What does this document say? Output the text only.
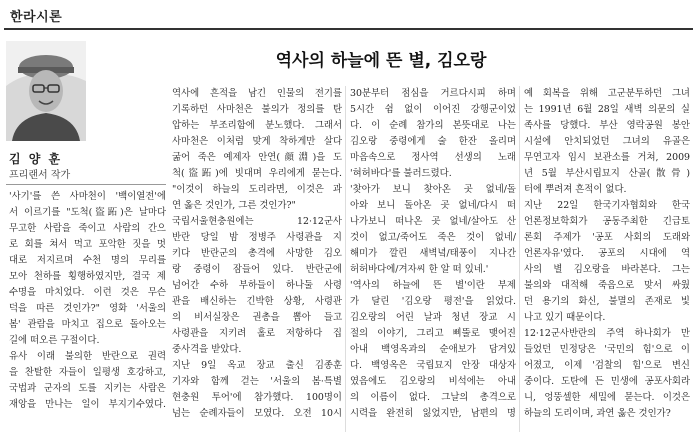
한라시론
김 양 훈
프리랜서 작가
역사의 하늘에 뜬 별, 김오랑
'사기'를 쓴 사마천이 '백이열전'에
서 이르기를 "도척(盜跖)은 날마다
무고한 사람을 죽이고 사람의 간으
로 회를 쳐서 먹고 포악한 짓을 멋
대로 저지르며 수천 명의 무리를
모아 천하를 횡행하였지만, 결국 제
수명을 마치었다. 이런 것은 무슨
덕을 따른 것인가?" 영화 '서울의
봄' 관람을 마치고 집으로 돌아오는
길에 떠오른 구절이다.
유사 이래 불의한 반란으로 권력
을 찬탈한 자들이 일평생 호강하고,
국법과 군자의 도를 지키는 사람은
재앙을 만나는 일이 부지기수였다.
역사에 흔적을 남긴 인물의 전기를
기록하던 사마천은 불의가 정의를 탄
압하는 부조리함에 분노했다. 그래서
사마천은 이처럼 맞게 착하게만 살다
굶어 죽은 예제자 안연(顔淵)을 도
척(盜跖)에 빗대며 우리에게 묻는다.
"이것이 하늘의 도리라면, 이것은 과
연 옳은 것인가, 그른 것인가?"
국립서울현충원에는 12·12군사
반란 당일 밤 정병주 사령관을 지
키다 반란군의 총격에 사망한 김오
랑 중령이 잠들어 있다. 반란군에
넘어간 수하 부하들이 하나둘 사령
관을 배신하는 긴박한 상황, 사령관
의 비서실장은 권총을 뽑아 들고
사령관을 지키려 홀로 저항하다 집
중사격을 받았다.
지난 9일 옥교 장교 출신 김종훈
기자와 함께 걷는 '서울의 봄·특별
현충원 투어'에 참가했다. 100명이
넘는 순례자들이 모였다. 오전 10시
30분부터 점심을 거르다시피 하며
5시간 쉼 없이 이어진 강행군이었
다. 이 순례 참가의 본뜻대로 나는
김오랑 중령에게 술 한잔 올리며
마음속으로 정사역 선생의 노래
'혀허바다'를 불러드렸다.
'찾아가 보니 찾아온 곳 없네/돌
아와 보니 돌아온 곳 없네/다시 떠
나가보니 떠나온 곳 없네/살아도 산
것이 없고/죽어도 죽은 것이 없네/
해미가 깔린 새벽녘/태풍이 지나간
허허바다에/겨자씨 한 알 떠 있네.'
'역사의 하늘에 뜬 별'이란 부제
가 달린 '김오랑 평전'을 읽었다.
김오랑의 어린 날과 청년 장교 시
절의 이야기, 그리고 삐뚤로 맺어진
아내 백영옥과의 순애보가 담겨있
다. 백영옥은 국립묘지 안장 대상자
였음에도 김오랑의 비석에는 아내
의 이름이 없다. 그날의 총격으로
시력을 완전히 잃었지만, 남편의 명
예 회복을 위해 고군분투하던 그녀
는 1991년 6월 28일 새벽 의문의 실
족사를 당했다. 부산 영락공원 봉안
시설에 안치되었던 그녀의 유골은
무연고자 임시 보관소를 거쳐, 2009
년 5월 부산시립묘지 산골(散骨)
터에 뿌려져 흔적이 없다.
지난 22일 한국기자협회와 한국
언론정보학회가 공동주최한 긴급토
론회 주제가 '공포 사회의 도래와
언론자유'였다. 공포의 시대에 역
사의 별 김오랑을 바라본다. 그는
불의와 대적해 죽음으로 맞서 싸웠
던 용기의 화신, 불멸의 존재로 빛
나고 있기 때문이다.
12·12군사반란의 주역 하나회가 만
들었던 민정당은 '국민의 힘'으로 이
어졌고, 이제 '검찰의 힘'으로 변신
중이다. 도탄에 든 민생에 공포사회라
니, 엉뚱셀한 세밀에 묻는다. 이것은
하늘의 도리이며, 과연 옳은 것인가?
